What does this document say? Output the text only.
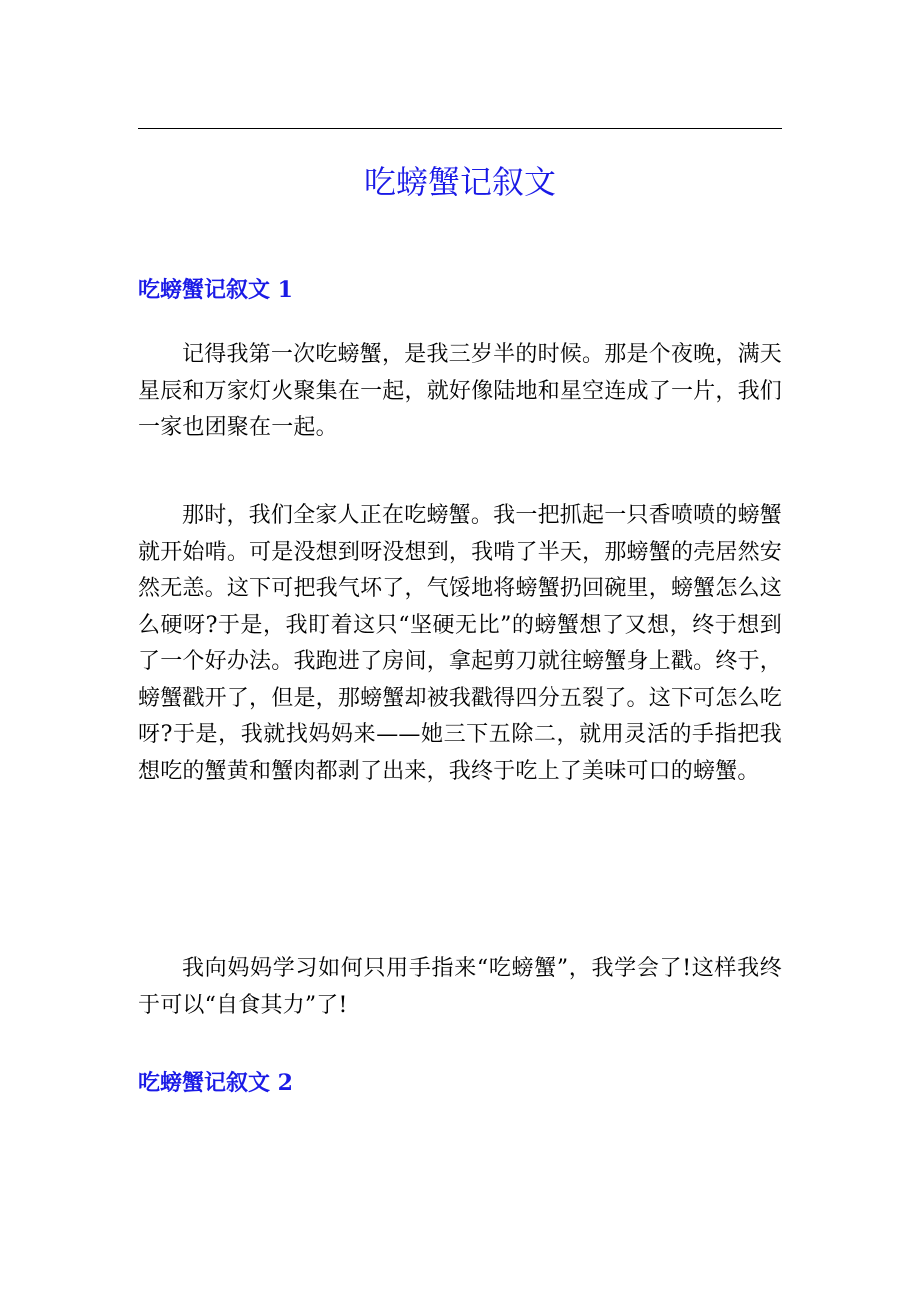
吃螃蟹记叙文
吃螃蟹记叙文 1

记得我第一次吃螃蟹，是我三岁半的时候。那是个夜晚，满天星辰和万家灯火聚集在一起，就好像陆地和星空连成了一片，我们一家也团聚在一起。

那时，我们全家人正在吃螃蟹。我一把抓起一只香喷喷的螃蟹就开始啃。可是没想到呀没想到，我啃了半天，那螃蟹的壳居然安然无恙。这下可把我气坏了，气馁地将螃蟹扔回碗里，螃蟹怎么这么硬呀?于是，我盯着这只“坚硬无比”的螃蟹想了又想，终于想到了一个好办法。我跑进了房间，拿起剪刀就往螃蟹身上戳。终于，螃蟹戳开了，但是，那螃蟹却被我戳得四分五裂了。这下可怎么吃呀?于是，我就找妈妈来——她三下五除二，就用灵活的手指把我想吃的蟹黄和蟹肉都剥了出来，我终于吃上了美味可口的螃蟹。

我向妈妈学习如何只用手指来“吃螃蟹”，我学会了!这样我终于可以“自食其力”了!

吃螃蟹记叙文 2
